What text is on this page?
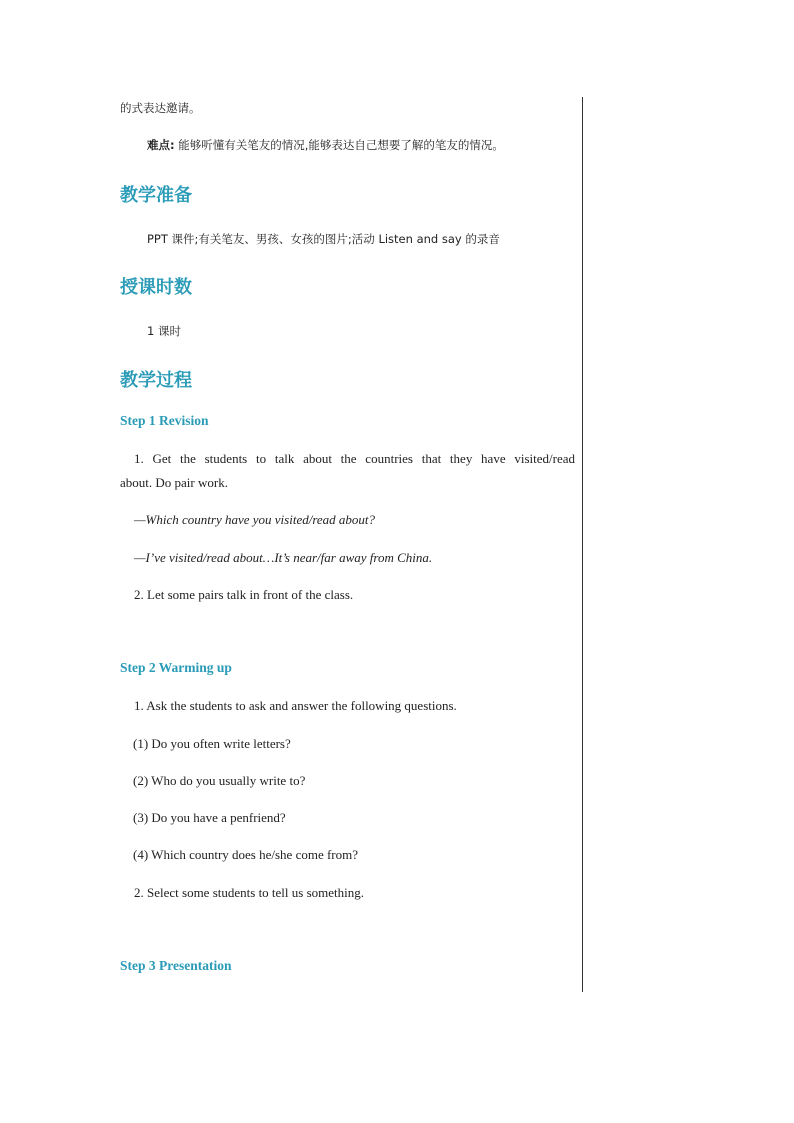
的式表达邀请。
难点: 能够听懂有关笔友的情况,能够表达自己想要了解的笔友的情况。
教学准备
PPT 课件;有关笔友、男孩、女孩的图片;活动 Listen and say 的录音
授课时数
1 课时
教学过程
Step 1 Revision
1. Get the students to talk about the countries that they have visited/read
about. Do pair work.
—Which country have you visited/read about?
—I’ve visited/read about…It’s near/far away from China.
2. Let some pairs talk in front of the class.
Step 2 Warming up
1. Ask the students to ask and answer the following questions.
(1) Do you often write letters?
(2) Who do you usually write to?
(3) Do you have a penfriend?
(4) Which country does he/she come from?
2. Select some students to tell us something.
Step 3 Presentation
